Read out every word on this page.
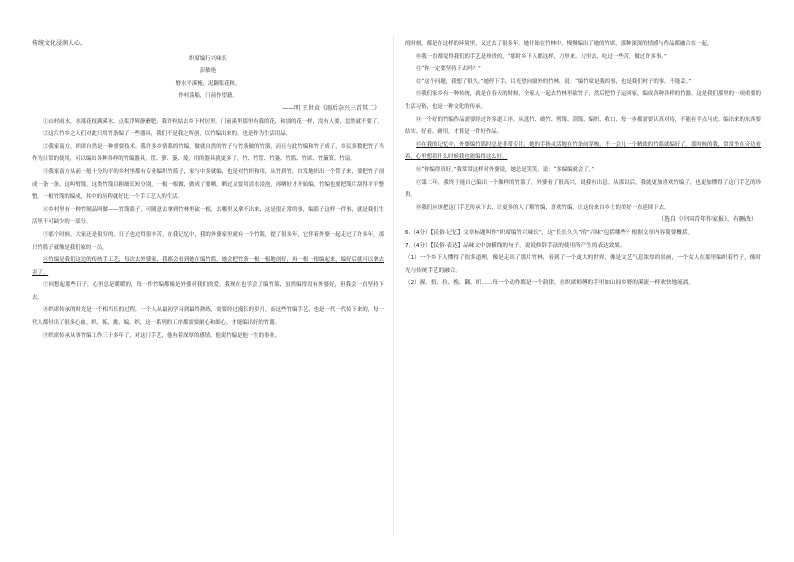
传统文化浸润人心。

织席编行兴味长

彭敏艳

野水平溪掩，泥翻浆花秋。

作村荡船，门前作望籍。

——明 王世贞《雨后杂兴三首其二》

①山村雨水，水涨花枝满溪水，点浆浮辉静蘑肥。我许粒姑去乡下村居里。门前溪里那里有我的花，和别的花一样，没有人要，忽然就不要了。

②这片竹乡之人们对此只用竹条编了一些器具，我们不是我之所创，以竹编出来的，也是作为生活用品。

②我家南方，织席自然是一种重要技术。我许多乡情系的竹编，做就自然的竹子与竹条做的竹器，而且与此竹编和竹子成了，乡民多数把竹子当作为日常的使用，可以编出各种各样的竹编器具，筐、箩、篓、蔑，用的器具就更多了，竹、竹筐、竹篓、竹篮、竹席、竹簸箕、竹扇。

③我家南方从前一般十分均平的乡村里都有专业编织竹篮子，家与中多就编，也是对竹织和用，从竹到竹，自发地织出一个筐子来，要把竹子剖成一条一条，这叫劈篾。这类竹篾以粗细长短分别，一根一根做，做成了要晒，晒过又要用清水浸泡，再晒好才开始编，竹编也要把篾片刮得平平整整。一根竹篾的编成，其中的历程就好比一个手工艺人的生活。

④乡村里有一种竹制品叫做——竹篾篮子，可随意去拿到竹林里砍一根，去哪里又拿不出来，这是很正常的事，编篮子这样一件事，就是我们生活里不可缺少的一部分。

⑤那个时候，大家还是很穷的，日子也过得很辛苦，在我记忆中，我的外婆家里就有一个竹篮，提了很多年，它伴着外婆一起走过了许多年，那只竹篮子就像是我们家的一员。

⑥竹编是我们这边的传统手工艺，每次去外婆家，我都会看到她在编竹篮，她会把竹条一根一根地剖好，再一根一根编起来，编好后就可以拿去卖了。

⑦回想起那些日子，心里总是暖暖的，每一件竹编都像是外婆对我们的爱。我现在也学会了编竹篮，虽然编得没有外婆好，但我会一直坚持下去。

⑧织席传承的时光是一个相当长的过程，一个人从最初学习到最终熟练，需要经过漫长的岁月。而这些竹编手艺，也是一代一代传下来的，每一代人都付出了很多心血。织、拣、挑、编、织，这一系列的工序都需要耐心和细心，才能编出好的竹器。

⑨织席传承从事竹编工作三十多年了，对这门手艺，他有着深厚的感情，他说竹编是他一生的事业。

的时刻，都是在这样的环境里，又过去了很多年。她开始在竹林中，慢慢编出了她的竹席，那种深深的情感与作品都融合在一起。

⑩我一直都觉得我们的手艺是珍贵的，“那时乡下人都这样，刀里来，刀里去，吃过一些苦，做过许多事。”

⑪“你一定要坚持下去吗？”

⑫“这个问题，我想了很久。”她停下手，目光望向窗外的竹林，说：“编竹席是我的事，也是我们村子的事，不能丢。”

⑬我们家乡有一种传统，就是在春天的时候，全家人一起去竹林里砍竹子，然后把竹子运回家，编成各种各样的竹器。这是我们那里的一项重要的生活习俗，也是一种文化的传承。

⑭一个好的竹编作品需要经过许多道工序，从选竹、破竹、劈篾、刮篾、编织、收口，每一步都需要认真对待，不能有半点马虎。编出来的东西要结实、好看、耐用，才算是一件好作品。

⑮在我的记忆中，外婆编竹篮时总是非常专注，她的手指灵活地在竹条间穿梭，不一会儿一个精致的竹篮就编好了。那时候的我，常常坐在旁边看着，心里想着什么时候我也能编得这么好。

⑯“你编得真好。”我常常这样对外婆说，她总是笑笑，说：“多编编就会了。”

⑰第二年，我终于能自己编出一个像样的竹篮了，外婆看了很高兴，说我有出息。从那以后，我就更加喜欢竹编了，也更加懂得了这门手艺的珍贵。

⑱我们应该把这门手艺传承下去，让更多的人了解竹编，喜欢竹编，让这份来自乡土的美好一直延续下去。

（选自《中国青年作家报》，有删改）

6.（4分）【民俗·记忆】文章标题叫作“织席编竹兴味长”，这“长长久久”的“兴味”包括哪些？根据文章内容简要概括。

7.（4分）【民俗·表达】品味文中加横线的句子，说说修辞手法的使用所产生的表达效果。

（1）一个乡下人懂得了很多道理，像是走出了那片竹林，看到了一个更大的世界，像是文艺气息浓厚的景画，一个女人在那里编织着竹子，像时光与传统手艺的融合。

（2）握、扭、拉、挽、翻、织……每一个动作都是一个韵律，在织席师傅的手里如山间乡野的溪流一样欢快地流淌。
